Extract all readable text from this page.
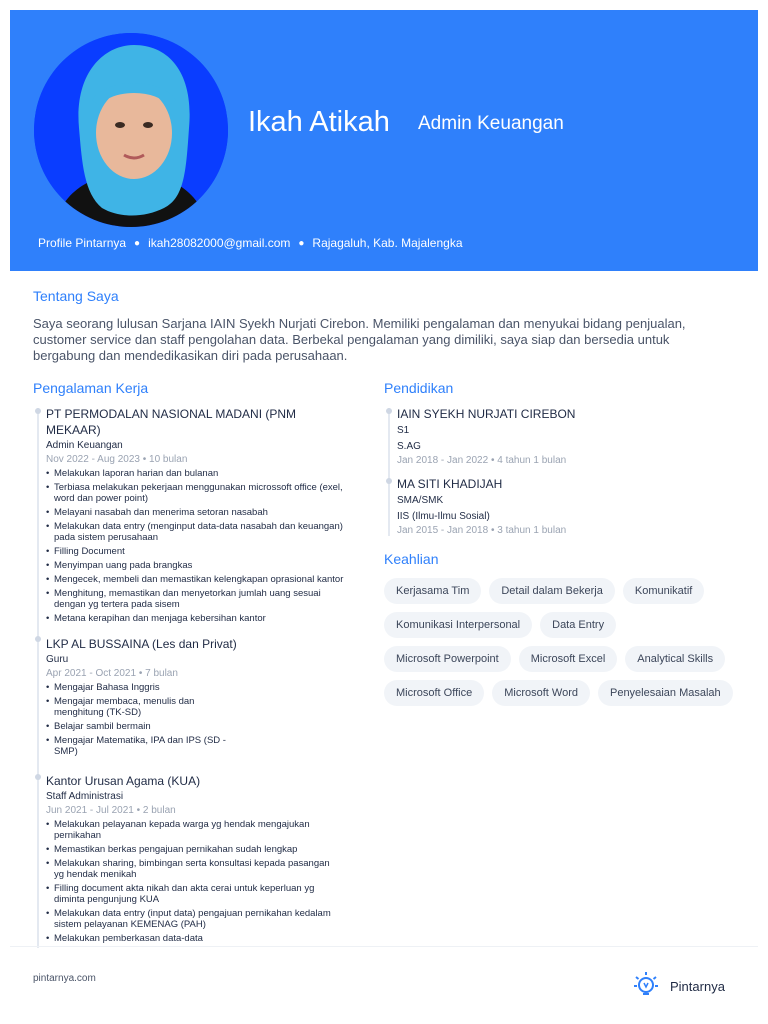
Ikah Atikah Admin Keuangan
Profile Pintarnya ● ikah28082000@gmail.com ● Rajagaluh, Kab. Majalengka
Tentang Saya
Saya seorang lulusan Sarjana IAIN Syekh Nurjati Cirebon. Memiliki pengalaman dan menyukai bidang penjualan, customer service dan staff pengolahan data. Berbekal pengalaman yang dimiliki, saya siap dan bersedia untuk bergabung dan mendedikasikan diri pada perusahaan.
Pengalaman Kerja
PT PERMODALAN NASIONAL MADANI (PNM MEKAAR)
Admin Keuangan
Nov 2022 - Aug 2023 • 10 bulan
• Melakukan laporan harian dan bulanan
• Terbiasa melakukan pekerjaan menggunakan microssoft office (exel, word dan power point)
• Melayani nasabah dan menerima setoran nasabah
• Melakukan data entry (menginput data-data nasabah dan keuangan) pada sistem perusahaan
• Filling Document
• Menyimpan uang pada brangkas
• Mengecek, membeli dan memastikan kelengkapan oprasional kantor
• Menghitung, memastikan dan menyetorkan jumlah uang sesuai dengan yg tertera pada sisem
• Metana kerapihan dan menjaga kebersihan kantor
LKP AL BUSSAINA (Les dan Privat)
Guru
Apr 2021 - Oct 2021 • 7 bulan
• Mengajar Bahasa Inggris
• Mengajar membaca, menulis dan menghitung (TK-SD)
• Belajar sambil bermain
• Mengajar Matematika, IPA dan IPS (SD - SMP)
Kantor Urusan Agama (KUA)
Staff Administrasi
Jun 2021 - Jul 2021 • 2 bulan
• Melakukan pelayanan kepada warga yg hendak mengajukan pernikahan
• Memastikan berkas pengajuan pernikahan sudah lengkap
• Melakukan sharing, bimbingan serta konsultasi kepada pasangan yg hendak menikah
• Filling document akta nikah dan akta cerai untuk keperluan yg diminta pengunjung KUA
• Melakukan data entry (input data) pengajuan pernikahan kedalam sistem pelayanan KEMENAG (PAH)
• Melakukan pemberkasan data-data
Pendidikan
IAIN SYEKH NURJATI CIREBON
S1
S.AG
Jan 2018 - Jan 2022 • 4 tahun 1 bulan
MA SITI KHADIJAH
SMA/SMK
IIS (Ilmu-Ilmu Sosial)
Jan 2015 - Jan 2018 • 3 tahun 1 bulan
Keahlian
Kerjasama Tim	Detail dalam Bekerja	Komunikatif
Komunikasi Interpersonal	Data Entry
Microsoft Powerpoint	Microsoft Excel	Analytical Skills
Microsoft Office	Microsoft Word	Penyelesaian Masalah
pintarnya.com
Pintarnya
